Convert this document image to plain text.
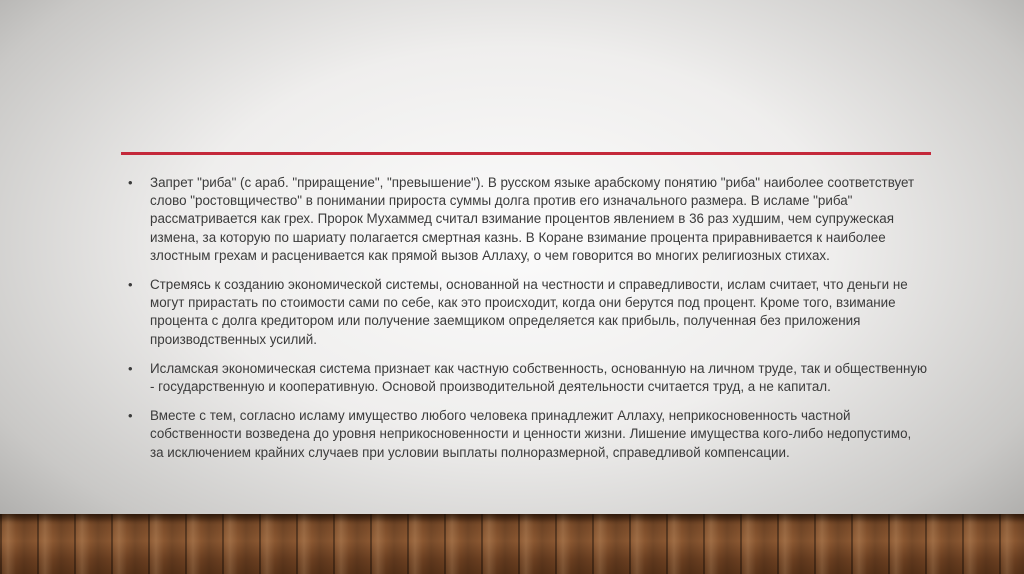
•	Запрет "риба" (с араб. "приращение", "превышение"). В русском языке арабскому понятию "риба" наиболее соответствует слово "ростовщичество" в понимании прироста суммы долга против его изначального размера. В исламе "риба" рассматривается как грех. Пророк Мухаммед считал взимание процентов явлением в 36 раз худшим, чем супружеская измена, за которую по шариату полагается смертная казнь. В Коране взимание процента приравнивается к наиболее злостным грехам и расценивается как прямой вызов Аллаху, о чем говорится во многих религиозных стихах.
•	Стремясь к созданию экономической системы, основанной на честности и справедливости, ислам считает, что деньги не могут прирастать по стоимости сами по себе, как это происходит, когда они берутся под процент. Кроме того, взимание процента с долга кредитором или получение заемщиком определяется как прибыль, полученная без приложения производственных усилий.
•	Исламская экономическая система признает как частную собственность, основанную на личном труде, так и общественную - государственную и кооперативную. Основой производительной деятельности считается труд, а не капитал.
•	Вместе с тем, согласно исламу имущество любого человека принадлежит Аллаху, неприкосновенность частной собственности возведена до уровня неприкосновенности и ценности жизни. Лишение имущества кого-либо недопустимо, за исключением крайних случаев при условии выплаты полноразмерной, справедливой компенсации.
